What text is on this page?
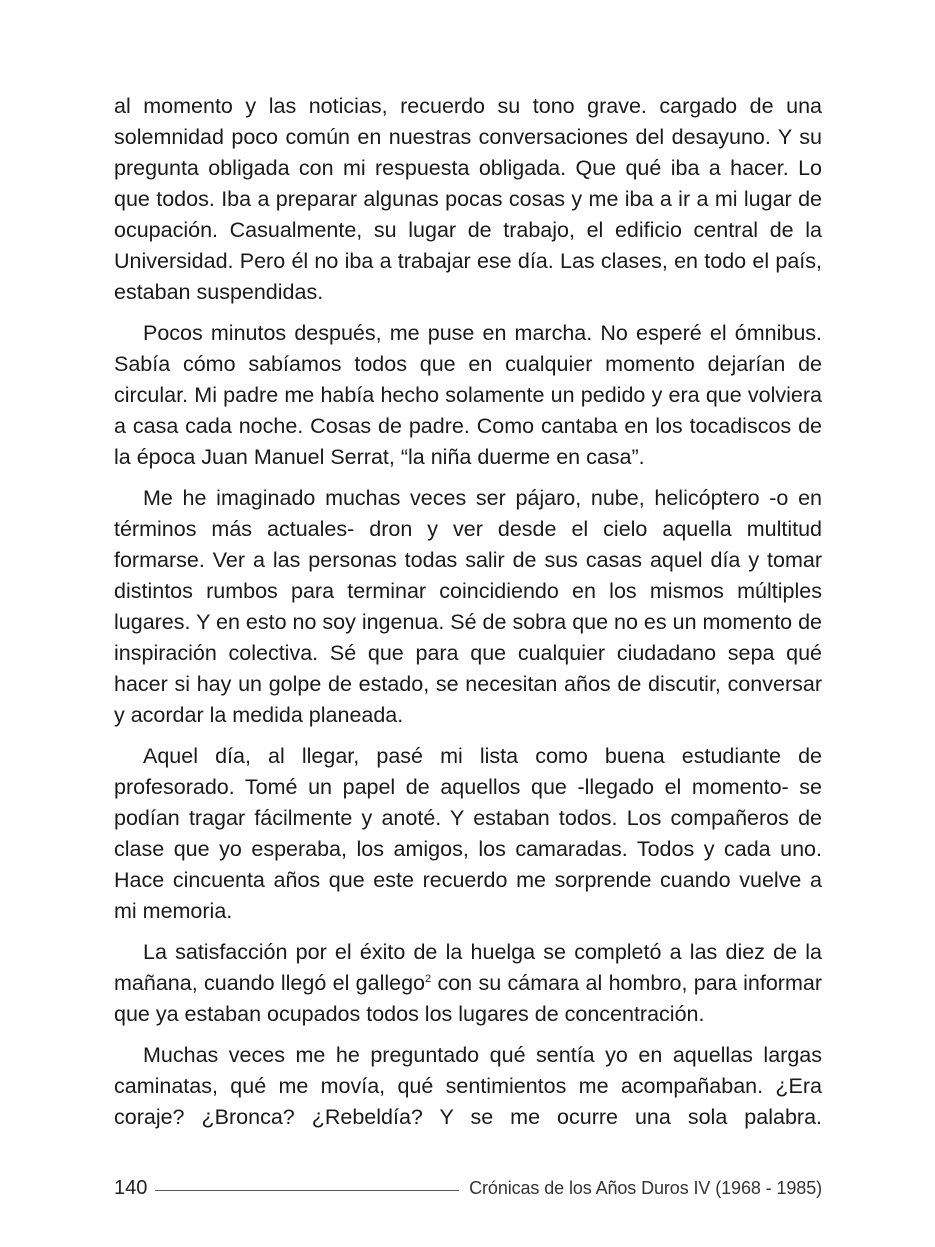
al momento y las noticias, recuerdo su tono grave. cargado de una solemnidad poco común en nuestras conversaciones del desayuno. Y su pregunta obligada con mi respuesta obligada. Que qué iba a hacer. Lo que todos. Iba a preparar algunas pocas cosas y me iba a ir a mi lugar de ocupación. Casualmente, su lugar de trabajo, el edificio central de la Universidad. Pero él no iba a trabajar ese día. Las clases, en todo el país, estaban suspendidas.

Pocos minutos después, me puse en marcha. No esperé el ómnibus. Sabía cómo sabíamos todos que en cualquier momento dejarían de circular. Mi padre me había hecho solamente un pedido y era que volviera a casa cada noche. Cosas de padre. Como cantaba en los tocadiscos de la época Juan Manuel Serrat, “la niña duerme en casa”.

Me he imaginado muchas veces ser pájaro, nube, helicóptero -o en términos más actuales- dron y ver desde el cielo aquella multitud formarse. Ver a las personas todas salir de sus casas aquel día y tomar distintos rumbos para terminar coincidiendo en los mismos múltiples lugares. Y en esto no soy ingenua. Sé de sobra que no es un momento de inspiración colectiva. Sé que para que cualquier ciudadano sepa qué hacer si hay un golpe de estado, se necesitan años de discutir, conversar y acordar la medida planeada.

Aquel día, al llegar, pasé mi lista como buena estudiante de profesorado. Tomé un papel de aquellos que -llegado el momento- se podían tragar fácilmente y anoté. Y estaban todos. Los compañeros de clase que yo esperaba, los amigos, los camaradas. Todos y cada uno. Hace cincuenta años que este recuerdo me sorprende cuando vuelve a mi memoria.

La satisfacción por el éxito de la huelga se completó a las diez de la mañana, cuando llegó el gallego$^2$ con su cámara al hombro, para informar que ya estaban ocupados todos los lugares de concentración.

Muchas veces me he preguntado qué sentía yo en aquellas largas caminatas, qué me movía, qué sentimientos me acompañaban. ¿Era coraje? ¿Bronca? ¿Rebeldía? Y se me ocurre una sola palabra.

140	Crónicas de los Años Duros IV (1968 - 1985)
